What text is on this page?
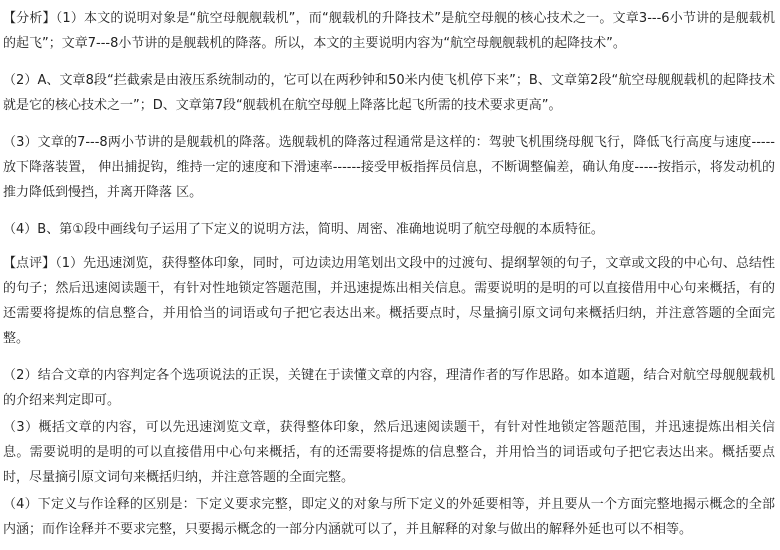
【分析】（1）本文的说明对象是“航空母舰舰载机”，而“舰载机的升降技术”是航空母舰的核心技术之一。文章3---6小节讲的是舰载机的起飞”；文章7---8小节讲的是舰载机的降落。所以，本文的主要说明内容为“航空母舰舰载机的起降技术”。

（2）A、文章8段“拦截索是由液压系统制动的，它可以在两秒钟和50米内使飞机停下来”；B、文章第2段“航空母舰舰载机的起降技术就是它的核心技术之一”；D、文章第7段“舰载机在航空母舰上降落比起飞所需的技术要求更高”。

（3）文章的7---8两小节讲的是舰载机的降落。选舰载机的降落过程通常是这样的：驾驶飞机围绕母舰飞行，降低飞行高度与速度-----放下降落装置， 伸出捕捉钩，维持一定的速度和下滑速率------接受甲板指挥员信息，不断调整偏差，确认角度-----按指示，将发动机的推力降低到慢挡，并离开降落 区。

（4）B、第①段中画线句子运用了下定义的说明方法，简明、周密、准确地说明了航空母舰的本质特征。

【点评】（1）先迅速浏览，获得整体印象，同时，可边读边用笔划出文段中的过渡句、提纲挈领的句子，文章或文段的中心句、总结性的句子；然后迅速阅读题干，有针对性地锁定答题范围，并迅速提炼出相关信息。需要说明的是明的可以直接借用中心句来概括，有的还需要将提炼的信息整合，并用恰当的词语或句子把它表达出来。概括要点时，尽量摘引原文词句来概括归纳，并注意答题的全面完整。

（2）结合文章的内容判定各个选项说法的正误，关键在于读懂文章的内容，理清作者的写作思路。如本道题，结合对航空母舰舰载机的介绍来判定即可。

（3）概括文章的内容，可以先迅速浏览文章，获得整体印象，然后迅速阅读题干，有针对性地锁定答题范围，并迅速提炼出相关信息。需要说明的是明的可以直接借用中心句来概括，有的还需要将提炼的信息整合，并用恰当的词语或句子把它表达出来。概括要点时，尽量摘引原文词句来概括归纳，并注意答题的全面完整。

（4）下定义与作诠释的区别是：下定义要求完整，即定义的对象与所下定义的外延要相等，并且要从一个方面完整地揭示概念的全部内涵；而作诠释并不要求完整，只要揭示概念的一部分内涵就可以了，并且解释的对象与做出的解释外延也可以不相等。
